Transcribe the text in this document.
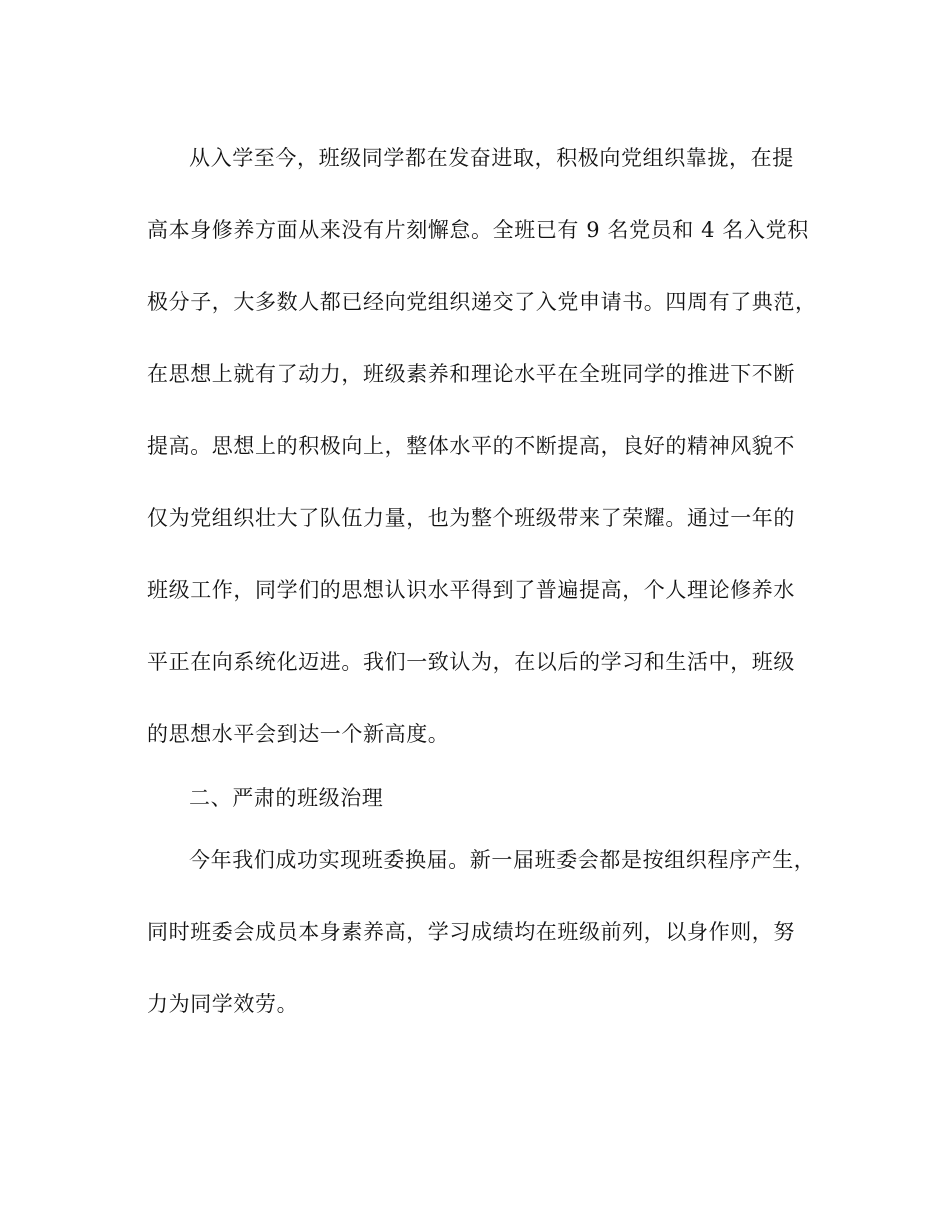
从入学至今，班级同学都在发奋进取，积极向党组织靠拢，在提
高本身修养方面从来没有片刻懈怠。全班已有 9 名党员和 4 名入党积
极分子，大多数人都已经向党组织递交了入党申请书。四周有了典范，
在思想上就有了动力，班级素养和理论水平在全班同学的推进下不断
提高。思想上的积极向上，整体水平的不断提高，良好的精神风貌不
仅为党组织壮大了队伍力量，也为整个班级带来了荣耀。通过一年的
班级工作，同学们的思想认识水平得到了普遍提高，个人理论修养水
平正在向系统化迈进。我们一致认为，在以后的学习和生活中，班级
的思想水平会到达一个新高度。
二、严肃的班级治理
今年我们成功实现班委换届。新一届班委会都是按组织程序产生，
同时班委会成员本身素养高，学习成绩均在班级前列，以身作则，努
力为同学效劳。
